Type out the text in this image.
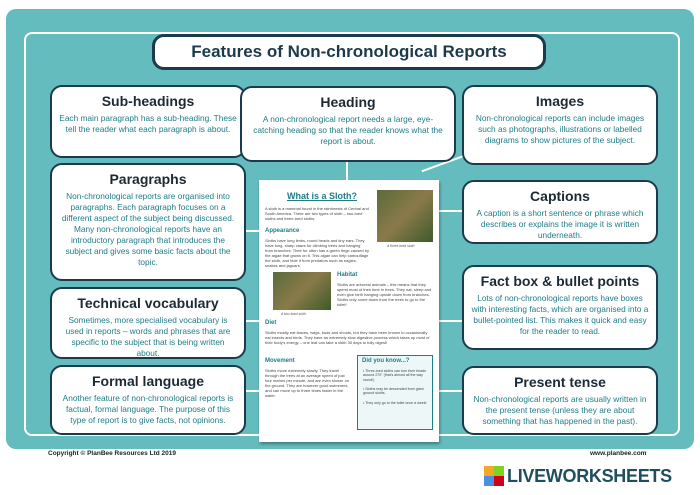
Features of Non-chronological Reports
Sub-headings

Each main paragraph has a sub-heading. These tell the reader what each paragraph is about.

Paragraphs

Non-chronological reports are organised into paragraphs. Each paragraph focuses on a different aspect of the subject being discussed. Many non-chronological reports have an introductory paragraph that introduces the subject and gives some basic facts about the topic.

Technical vocabulary

Sometimes, more specialised vocabulary is used in reports – words and phrases that are specific to the subject that is being written about.

Formal language

Another feature of non-chronological reports is factual, formal language. The purpose of this type of report is to give facts, not opinions.

Heading

A non-chronological report needs a large, eye-catching heading so that the reader knows what the report is about.

Images

Non-chronological reports can include images such as photographs, illustrations or labelled diagrams to show pictures of the subject.

Captions

A caption is a short sentence or phrase which describes or explains the image it is written underneath.

Fact box & bullet points

Lots of non-chronological reports have boxes with interesting facts, which are organised into a bullet-pointed list. This makes it quick and easy for the reader to read.

Present tense

Non-chronological reports are usually written in the present tense (unless they are about something that has happened in the past).

What is a Sloth?
A sloth is a mammal found in the rainforests of Central and South America. There are two types of sloth – two-toed sloths and three-toed sloths.
A three-toed sloth
Appearance
Sloths have long limbs, round heads and tiny ears. They have long, sharp claws for climbing trees and hanging from branches. Their fur often has a green tinge caused by the algae that grows on it. This algae can help camouflage the sloth, and hide it from predators such as eagles, snakes and jaguars.
Habitat
Sloths are arboreal animals – this means that they spend most of their time in trees. They eat, sleep and even give birth hanging upside down from branches. Sloths only come down from the trees to go to the toilet!
A two-toed sloth
Diet
Sloths mostly eat leaves, twigs, buds and shoots, but they have been known to occasionally eat insects and birds. They have an extremely slow digestive process which takes up most of their body's energy – one leaf can take a sloth 30 days to fully digest!
Movement
Sloths move extremely slowly. They travel through the trees at an average speed of just four metres per minute, and are even slower on the ground. They are however good swimmers, and can move up to three times faster in the water.
Did you know...?
• Three-toed sloths can turn their heads around 270° (that's almost all the way round!)
• Sloths may be descended from giant ground sloths.
• They only go to the toilet once a week!
Copyright © PlanBee Resources Ltd 2019	www.planbee.com
LIVEWORKSHEETS
